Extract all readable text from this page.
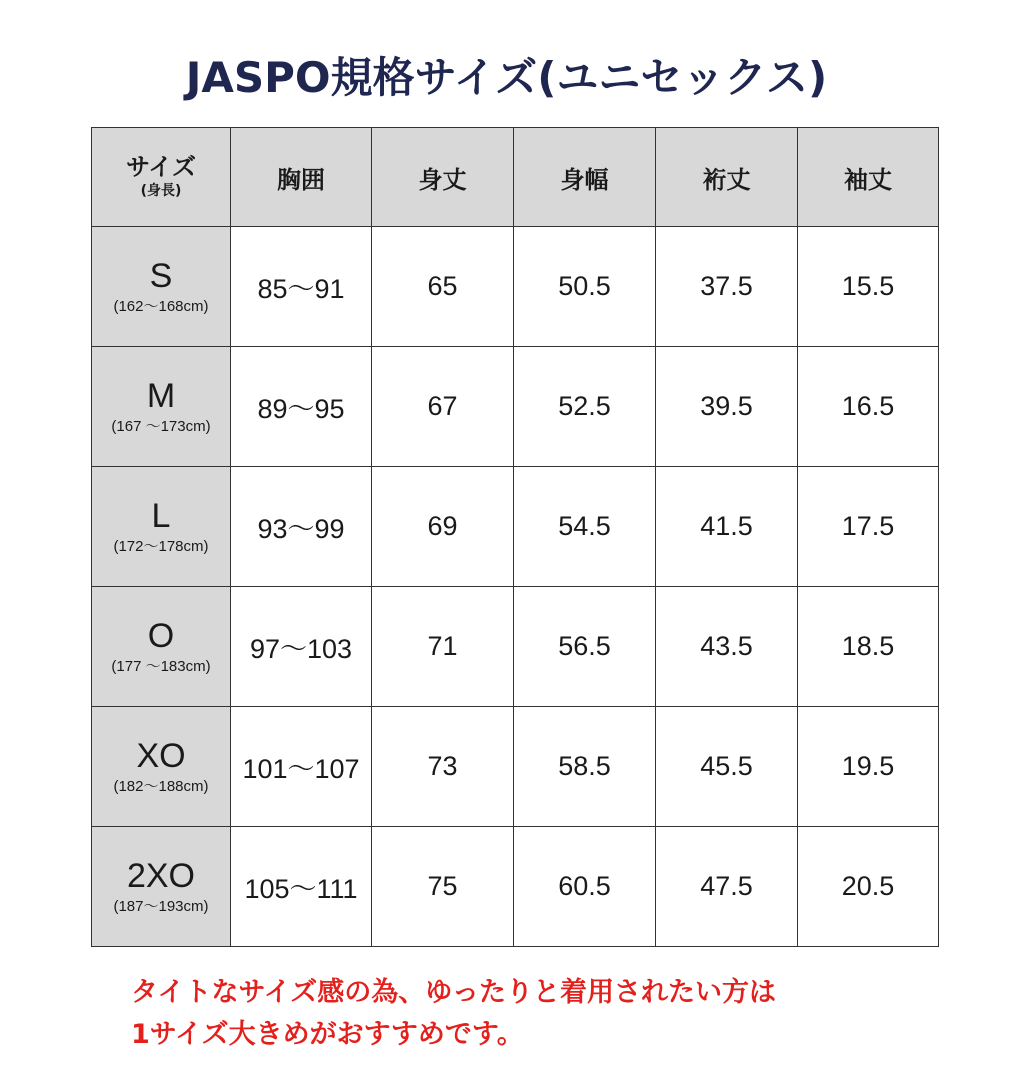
JASPO規格サイズ(ユニセックス)
サイズ
(身長)	胸囲	身丈	身幅	裄丈	袖丈

S
(162～168cm)	85～91	65	50.5	37.5	15.5

M
(167 ～173cm)	89～95	67	52.5	39.5	16.5

L
(172～178cm)	93～99	69	54.5	41.5	17.5

O
(177 ～183cm)	97～103	71	56.5	43.5	18.5

XO
(182～188cm)	101～107	73	58.5	45.5	19.5

2XO
(187～193cm)	105～111	75	60.5	47.5	20.5
タイトなサイズ感の為、ゆったりと着用されたい方は
1サイズ大きめがおすすめです。
